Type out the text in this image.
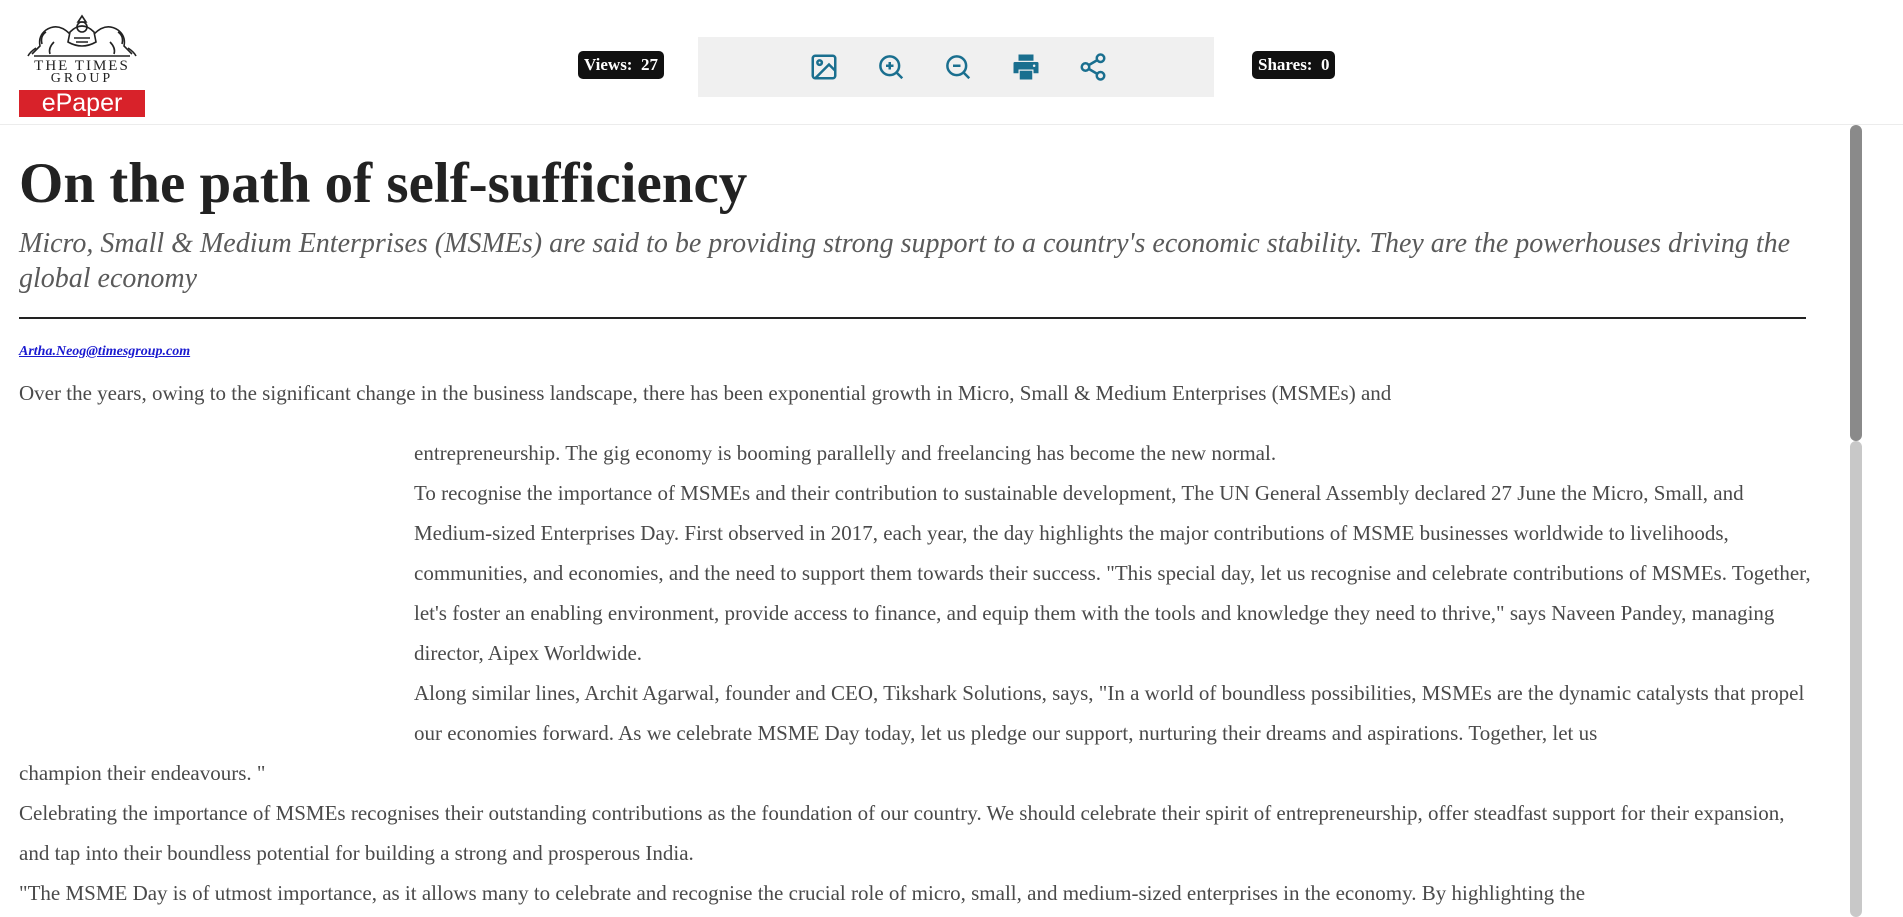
THE TIMES
GROUP
ePaper
Views: 27	Shares: 0
On the path of self-sufficiency

Micro, Small & Medium Enterprises (MSMEs) are said to be providing strong support to a country's economic stability. They are the powerhouses driving the global economy

Artha.Neog@timesgroup.com

Over the years, owing to the significant change in the business landscape, there has been exponential growth in Micro, Small & Medium Enterprises (MSMEs) and

entrepreneurship. The gig economy is booming parallelly and freelancing has become the new normal.

To recognise the importance of MSMEs and their contribution to sustainable development, The UN General Assembly declared 27 June the Micro, Small, and Medium-sized Enterprises Day. First observed in 2017, each year, the day highlights the major contributions of MSME businesses worldwide to livelihoods, communities, and economies, and the need to support them towards their success. "This special day, let us recognise and celebrate contributions of MSMEs. Together, let's foster an enabling environment, provide access to finance, and equip them with the tools and knowledge they need to thrive," says Naveen Pandey, managing director, Aipex Worldwide.

Along similar lines, Archit Agarwal, founder and CEO, Tikshark Solutions, says, "In a world of boundless possibilities, MSMEs are the dynamic catalysts that propel our economies forward. As we celebrate MSME Day today, let us pledge our support, nurturing their dreams and aspirations. Together, let us

champion their endeavours. "

Celebrating the importance of MSMEs recognises their outstanding contributions as the foundation of our country. We should celebrate their spirit of entrepreneurship, offer steadfast support for their expansion, and tap into their boundless potential for building a strong and prosperous India.

"The MSME Day is of utmost importance, as it allows many to celebrate and recognise the crucial role of micro, small, and medium-sized enterprises in the economy. By highlighting the
